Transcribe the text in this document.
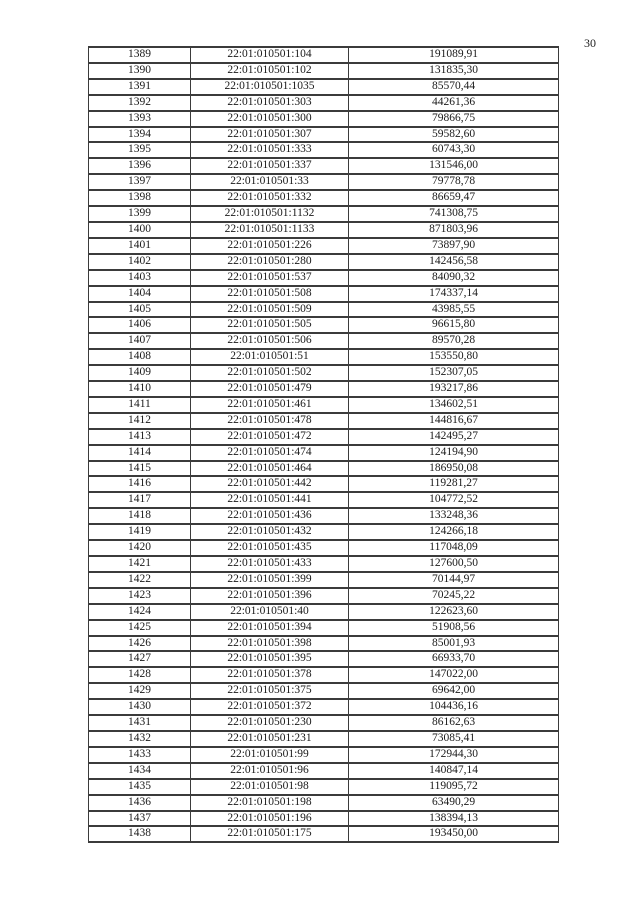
30
1389	22:01:010501:104	191089,91
1390	22:01:010501:102	131835,30
1391	22:01:010501:1035	85570,44
1392	22:01:010501:303	44261,36
1393	22:01:010501:300	79866,75
1394	22:01:010501:307	59582,60
1395	22:01:010501:333	60743,30
1396	22:01:010501:337	131546,00
1397	22:01:010501:33	79778,78
1398	22:01:010501:332	86659,47
1399	22:01:010501:1132	741308,75
1400	22:01:010501:1133	871803,96
1401	22:01:010501:226	73897,90
1402	22:01:010501:280	142456,58
1403	22:01:010501:537	84090,32
1404	22:01:010501:508	174337,14
1405	22:01:010501:509	43985,55
1406	22:01:010501:505	96615,80
1407	22:01:010501:506	89570,28
1408	22:01:010501:51	153550,80
1409	22:01:010501:502	152307,05
1410	22:01:010501:479	193217,86
1411	22:01:010501:461	134602,51
1412	22:01:010501:478	144816,67
1413	22:01:010501:472	142495,27
1414	22:01:010501:474	124194,90
1415	22:01:010501:464	186950,08
1416	22:01:010501:442	119281,27
1417	22:01:010501:441	104772,52
1418	22:01:010501:436	133248,36
1419	22:01:010501:432	124266,18
1420	22:01:010501:435	117048,09
1421	22:01:010501:433	127600,50
1422	22:01:010501:399	70144,97
1423	22:01:010501:396	70245,22
1424	22:01:010501:40	122623,60
1425	22:01:010501:394	51908,56
1426	22:01:010501:398	85001,93
1427	22:01:010501:395	66933,70
1428	22:01:010501:378	147022,00
1429	22:01:010501:375	69642,00
1430	22:01:010501:372	104436,16
1431	22:01:010501:230	86162,63
1432	22:01:010501:231	73085,41
1433	22:01:010501:99	172944,30
1434	22:01:010501:96	140847,14
1435	22:01:010501:98	119095,72
1436	22:01:010501:198	63490,29
1437	22:01:010501:196	138394,13
1438	22:01:010501:175	193450,00
